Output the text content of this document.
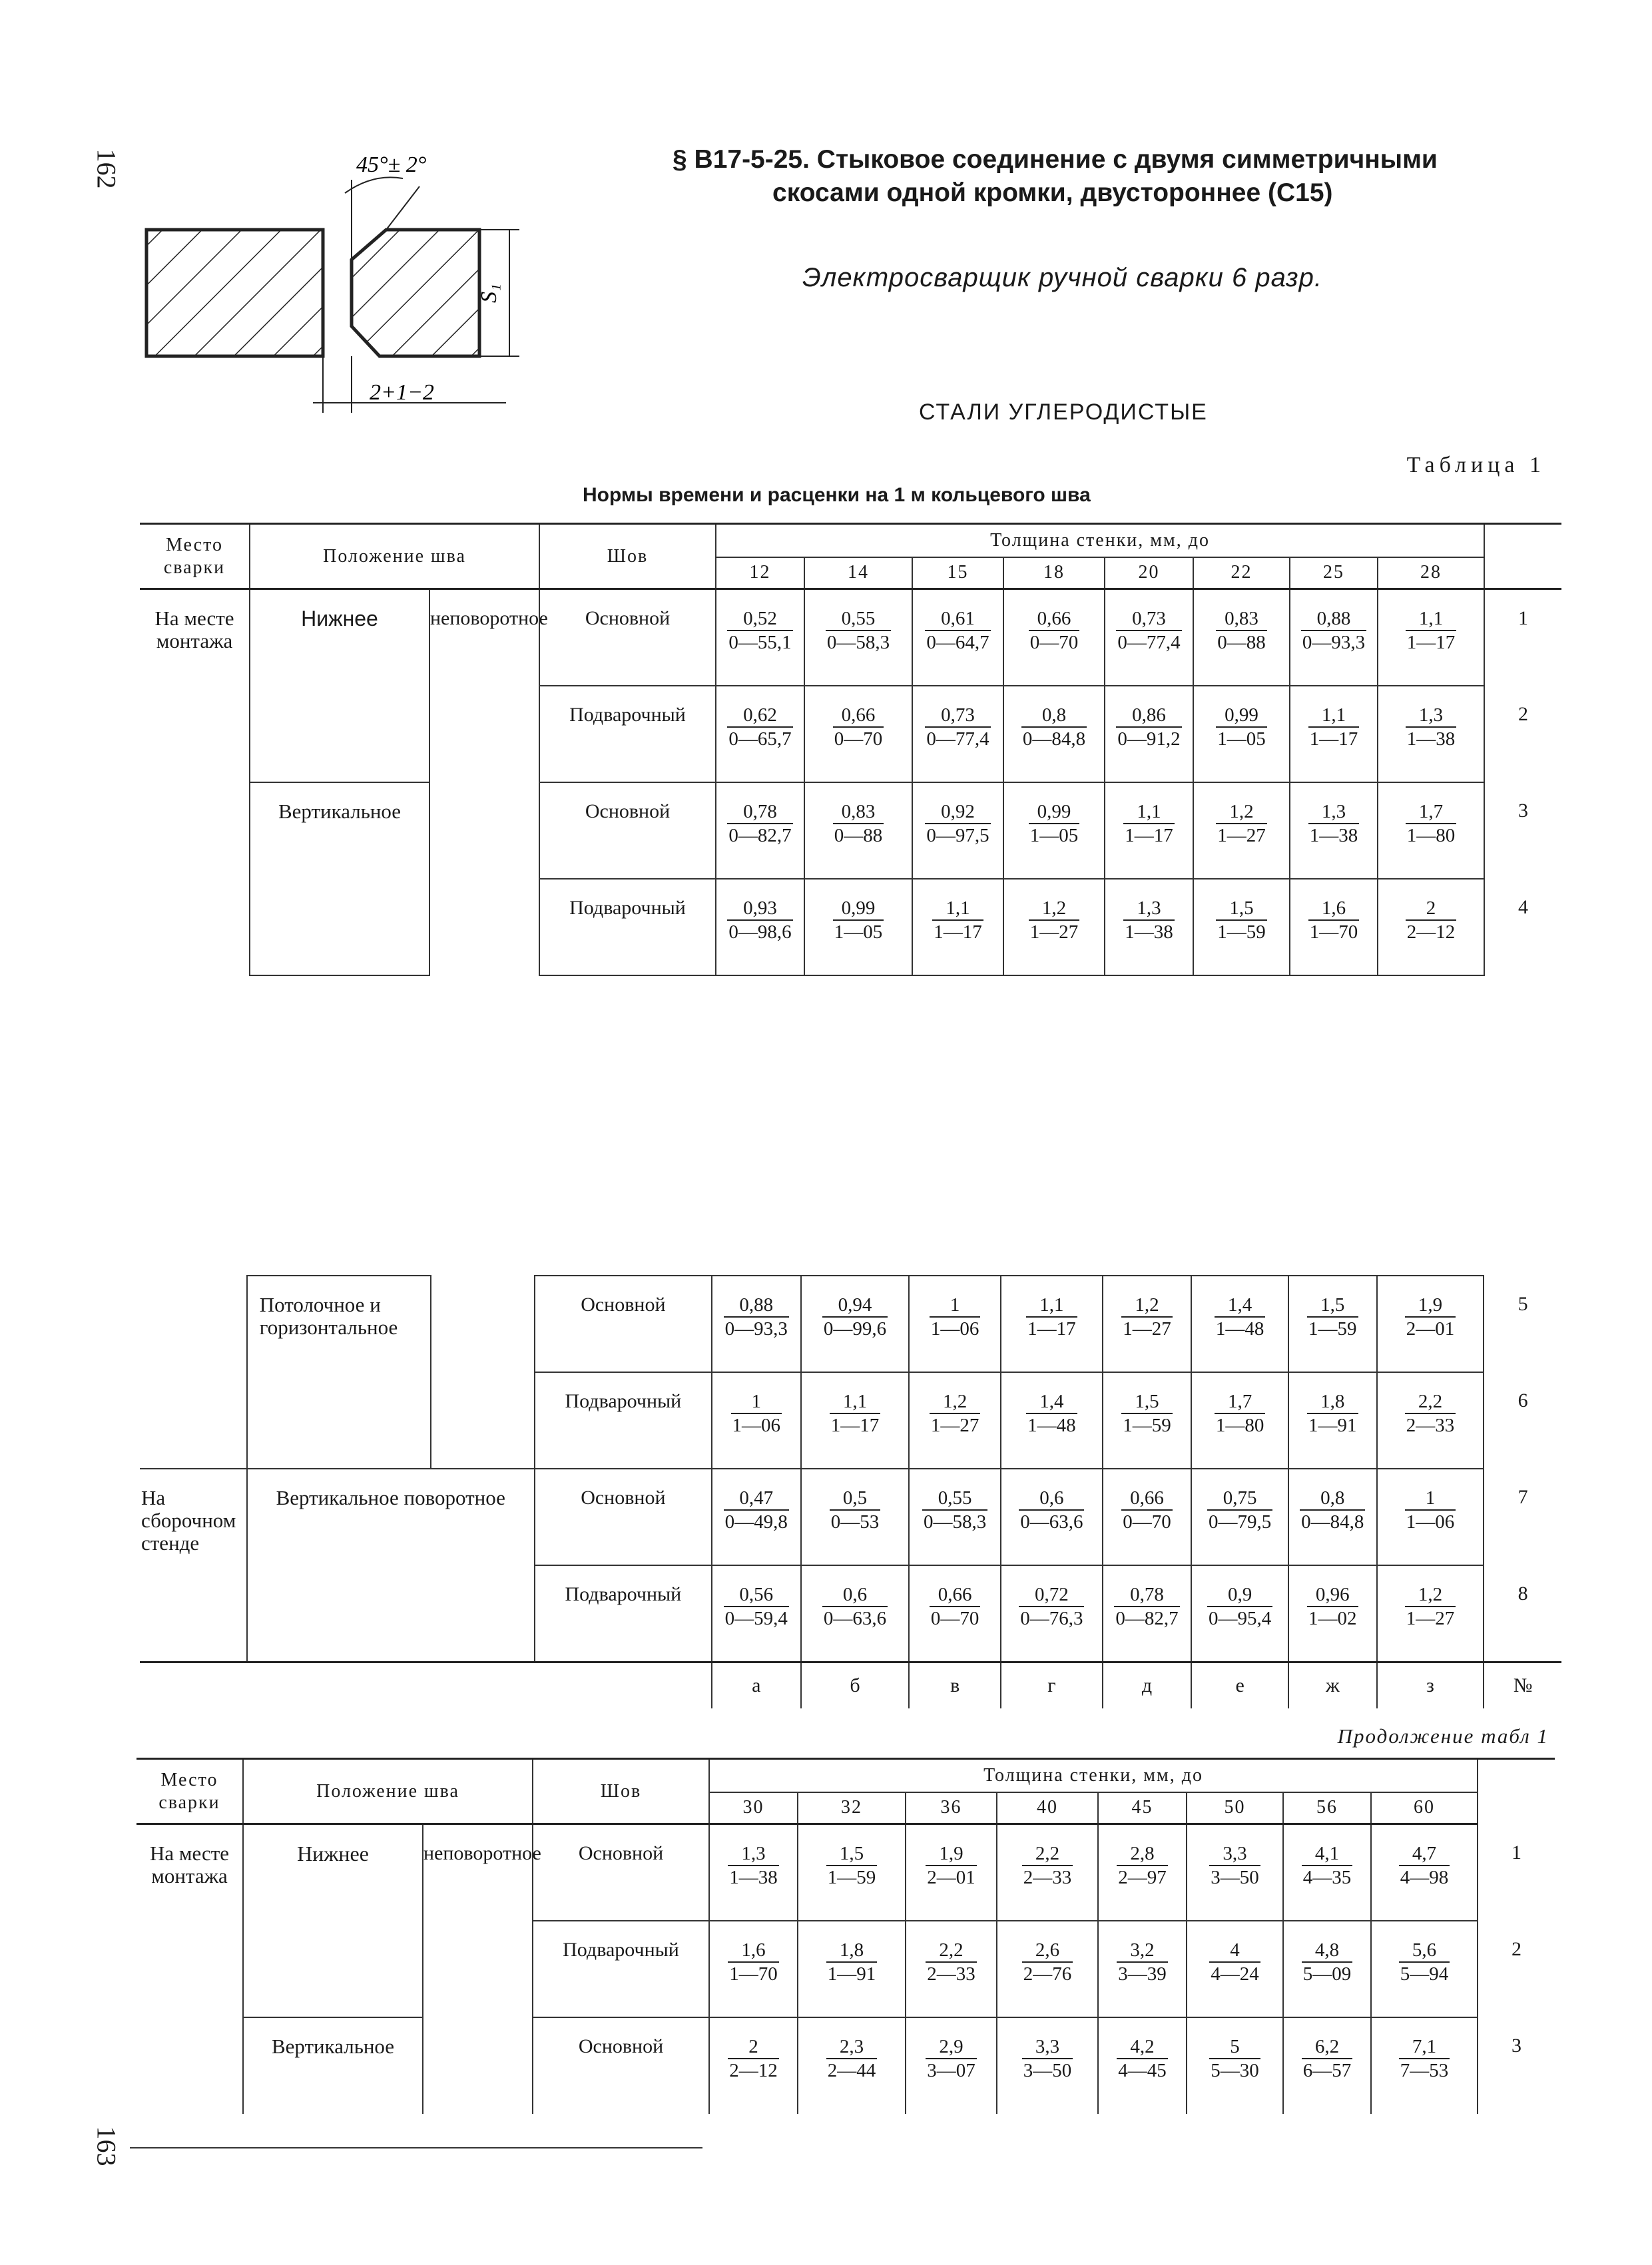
162
163
45°± 2°
2+1−2
S₁
§ В17-5-25. Стыковое соединение с двумя симметричными
скосами одной кромки, двустороннее (С15)
Электросварщик ручной сварки 6 разр.
СТАЛИ УГЛЕРОДИСТЫЕ
Таблица 1
Нормы времени и расценки на 1 м кольцевого шва
Место сварки	Положение шва		Шов	Толщина стенки, мм, до								
				12	14	15	18	20	22	25	28	
На месте монтажа	Нижнее	неповоротное	Основной	$\frac{0,52}{0—55,1}$	$\frac{0,55}{0—58,3}$	$\frac{0,61}{0—64,7}$	$\frac{0,66}{0—70}$	$\frac{0,73}{0—77,4}$	$\frac{0,83}{0—88}$	$\frac{0,88}{0—93,3}$	$\frac{1,1}{1—17}$	1
			Подварочный	$\frac{0,62}{0—65,7}$	$\frac{0,66}{0—70}$	$\frac{0,73}{0—77,4}$	$\frac{0,8}{0—84,8}$	$\frac{0,86}{0—91,2}$	$\frac{0,99}{1—05}$	$\frac{1,1}{1—17}$	$\frac{1,3}{1—38}$	2
	Вертикальное		Основной	$\frac{0,78}{0—82,7}$	$\frac{0,83}{0—88}$	$\frac{0,92}{0—97,5}$	$\frac{0,99}{1—05}$	$\frac{1,1}{1—17}$	$\frac{1,2}{1—27}$	$\frac{1,3}{1—38}$	$\frac{1,7}{1—80}$	3
			Подварочный	$\frac{0,93}{0—98,6}$	$\frac{0,99}{1—05}$	$\frac{1,1}{1—17}$	$\frac{1,2}{1—27}$	$\frac{1,3}{1—38}$	$\frac{1,5}{1—59}$	$\frac{1,6}{1—70}$	$\frac{2}{2—12}$	4
	Потолочное и горизонтальное		Основной	$\frac{0,88}{0—93,3}$	$\frac{0,94}{0—99,6}$	$\frac{1}{1—06}$	$\frac{1,1}{1—17}$	$\frac{1,2}{1—27}$	$\frac{1,4}{1—48}$	$\frac{1,5}{1—59}$	$\frac{1,9}{2—01}$	5
			Подварочный	$\frac{1}{1—06}$	$\frac{1,1}{1—17}$	$\frac{1,2}{1—27}$	$\frac{1,4}{1—48}$	$\frac{1,5}{1—59}$	$\frac{1,7}{1—80}$	$\frac{1,8}{1—91}$	$\frac{2,2}{2—33}$	6
На сборочном стенде	Вертикальное поворотное		Основной	$\frac{0,47}{0—49,8}$	$\frac{0,5}{0—53}$	$\frac{0,55}{0—58,3}$	$\frac{0,6}{0—63,6}$	$\frac{0,66}{0—70}$	$\frac{0,75}{0—79,5}$	$\frac{0,8}{0—84,8}$	$\frac{1}{1—06}$	7
			Подварочный	$\frac{0,56}{0—59,4}$	$\frac{0,6}{0—63,6}$	$\frac{0,66}{0—70}$	$\frac{0,72}{0—76,3}$	$\frac{0,78}{0—82,7}$	$\frac{0,9}{0—95,4}$	$\frac{0,96}{1—02}$	$\frac{1,2}{1—27}$	8
				а	б	в	г	д	е	ж	з	№
Продолжение табл 1
Место сварки	Положение шва		Шов	Толщина стенки, мм, до								
				30	32	36	40	45	50	56	60	
На месте монтажа	Нижнее	неповоротное	Основной	$\frac{1,3}{1—38}$	$\frac{1,5}{1—59}$	$\frac{1,9}{2—01}$	$\frac{2,2}{2—33}$	$\frac{2,8}{2—97}$	$\frac{3,3}{3—50}$	$\frac{4,1}{4—35}$	$\frac{4,7}{4—98}$	1
			Подварочный	$\frac{1,6}{1—70}$	$\frac{1,8}{1—91}$	$\frac{2,2}{2—33}$	$\frac{2,6}{2—76}$	$\frac{3,2}{3—39}$	$\frac{4}{4—24}$	$\frac{4,8}{5—09}$	$\frac{5,6}{5—94}$	2
	Вертикальное		Основной	$\frac{2}{2—12}$	$\frac{2,3}{2—44}$	$\frac{2,9}{3—07}$	$\frac{3,3}{3—50}$	$\frac{4,2}{4—45}$	$\frac{5}{5—30}$	$\frac{6,2}{6—57}$	$\frac{7,1}{7—53}$	3
